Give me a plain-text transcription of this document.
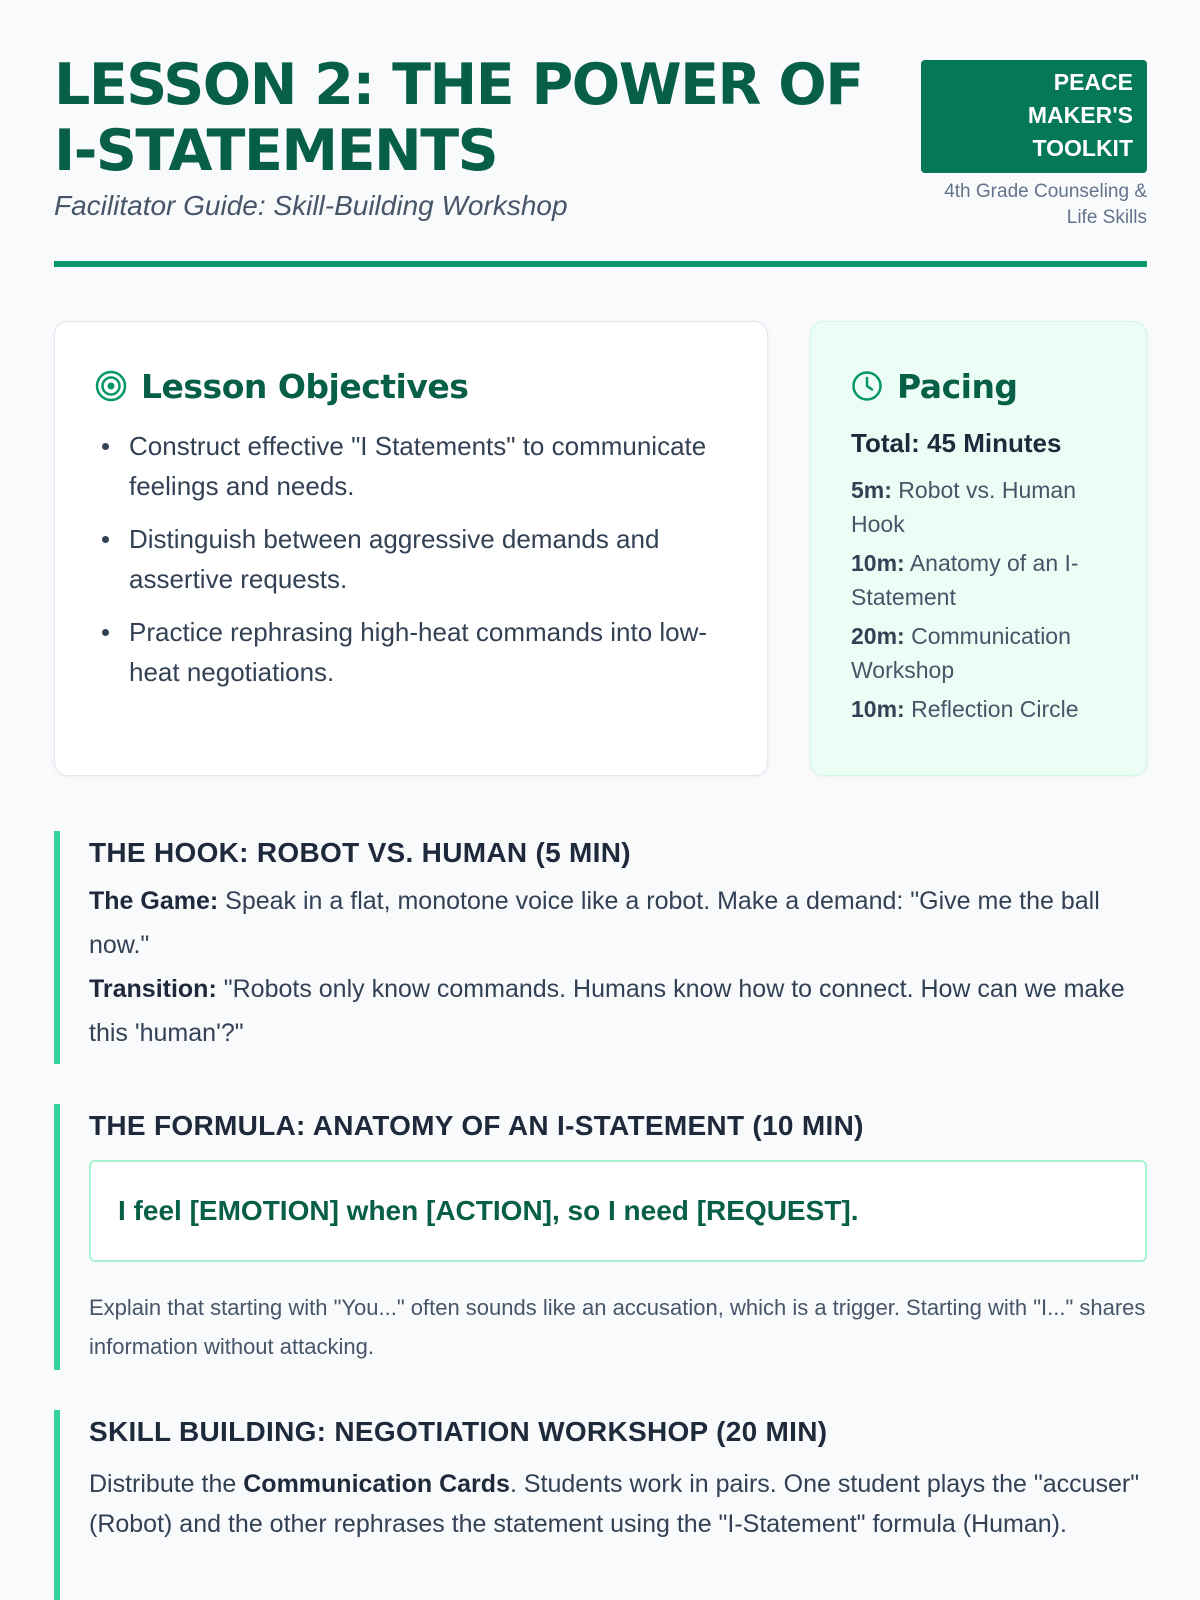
LESSON 2: THE POWER OF I-STATEMENTS
Facilitator Guide: Skill-Building Workshop
PEACE MAKER'S TOOLKIT
4th Grade Counseling & Life Skills
Lesson Objectives
Construct effective "I Statements" to communicate feelings and needs.
Distinguish between aggressive demands and assertive requests.
Practice rephrasing high-heat commands into low-heat negotiations.
Pacing
Total: 45 Minutes
5m: Robot vs. Human Hook
10m: Anatomy of an I-Statement
20m: Communication Workshop
10m: Reflection Circle
THE HOOK: ROBOT VS. HUMAN (5 MIN)

The Game: Speak in a flat, monotone voice like a robot. Make a demand: "Give me the ball now."

Transition: "Robots only know commands. Humans know how to connect. How can we make this 'human'?"

THE FORMULA: ANATOMY OF AN I-STATEMENT (10 MIN)
I feel [EMOTION] when [ACTION], so I need [REQUEST].

Explain that starting with "You..." often sounds like an accusation, which is a trigger. Starting with "I..." shares information without attacking.

SKILL BUILDING: NEGOTIATION WORKSHOP (20 MIN)

Distribute the Communication Cards. Students work in pairs. One student plays the "accuser" (Robot) and the other rephrases the statement using the "I-Statement" formula (Human).
